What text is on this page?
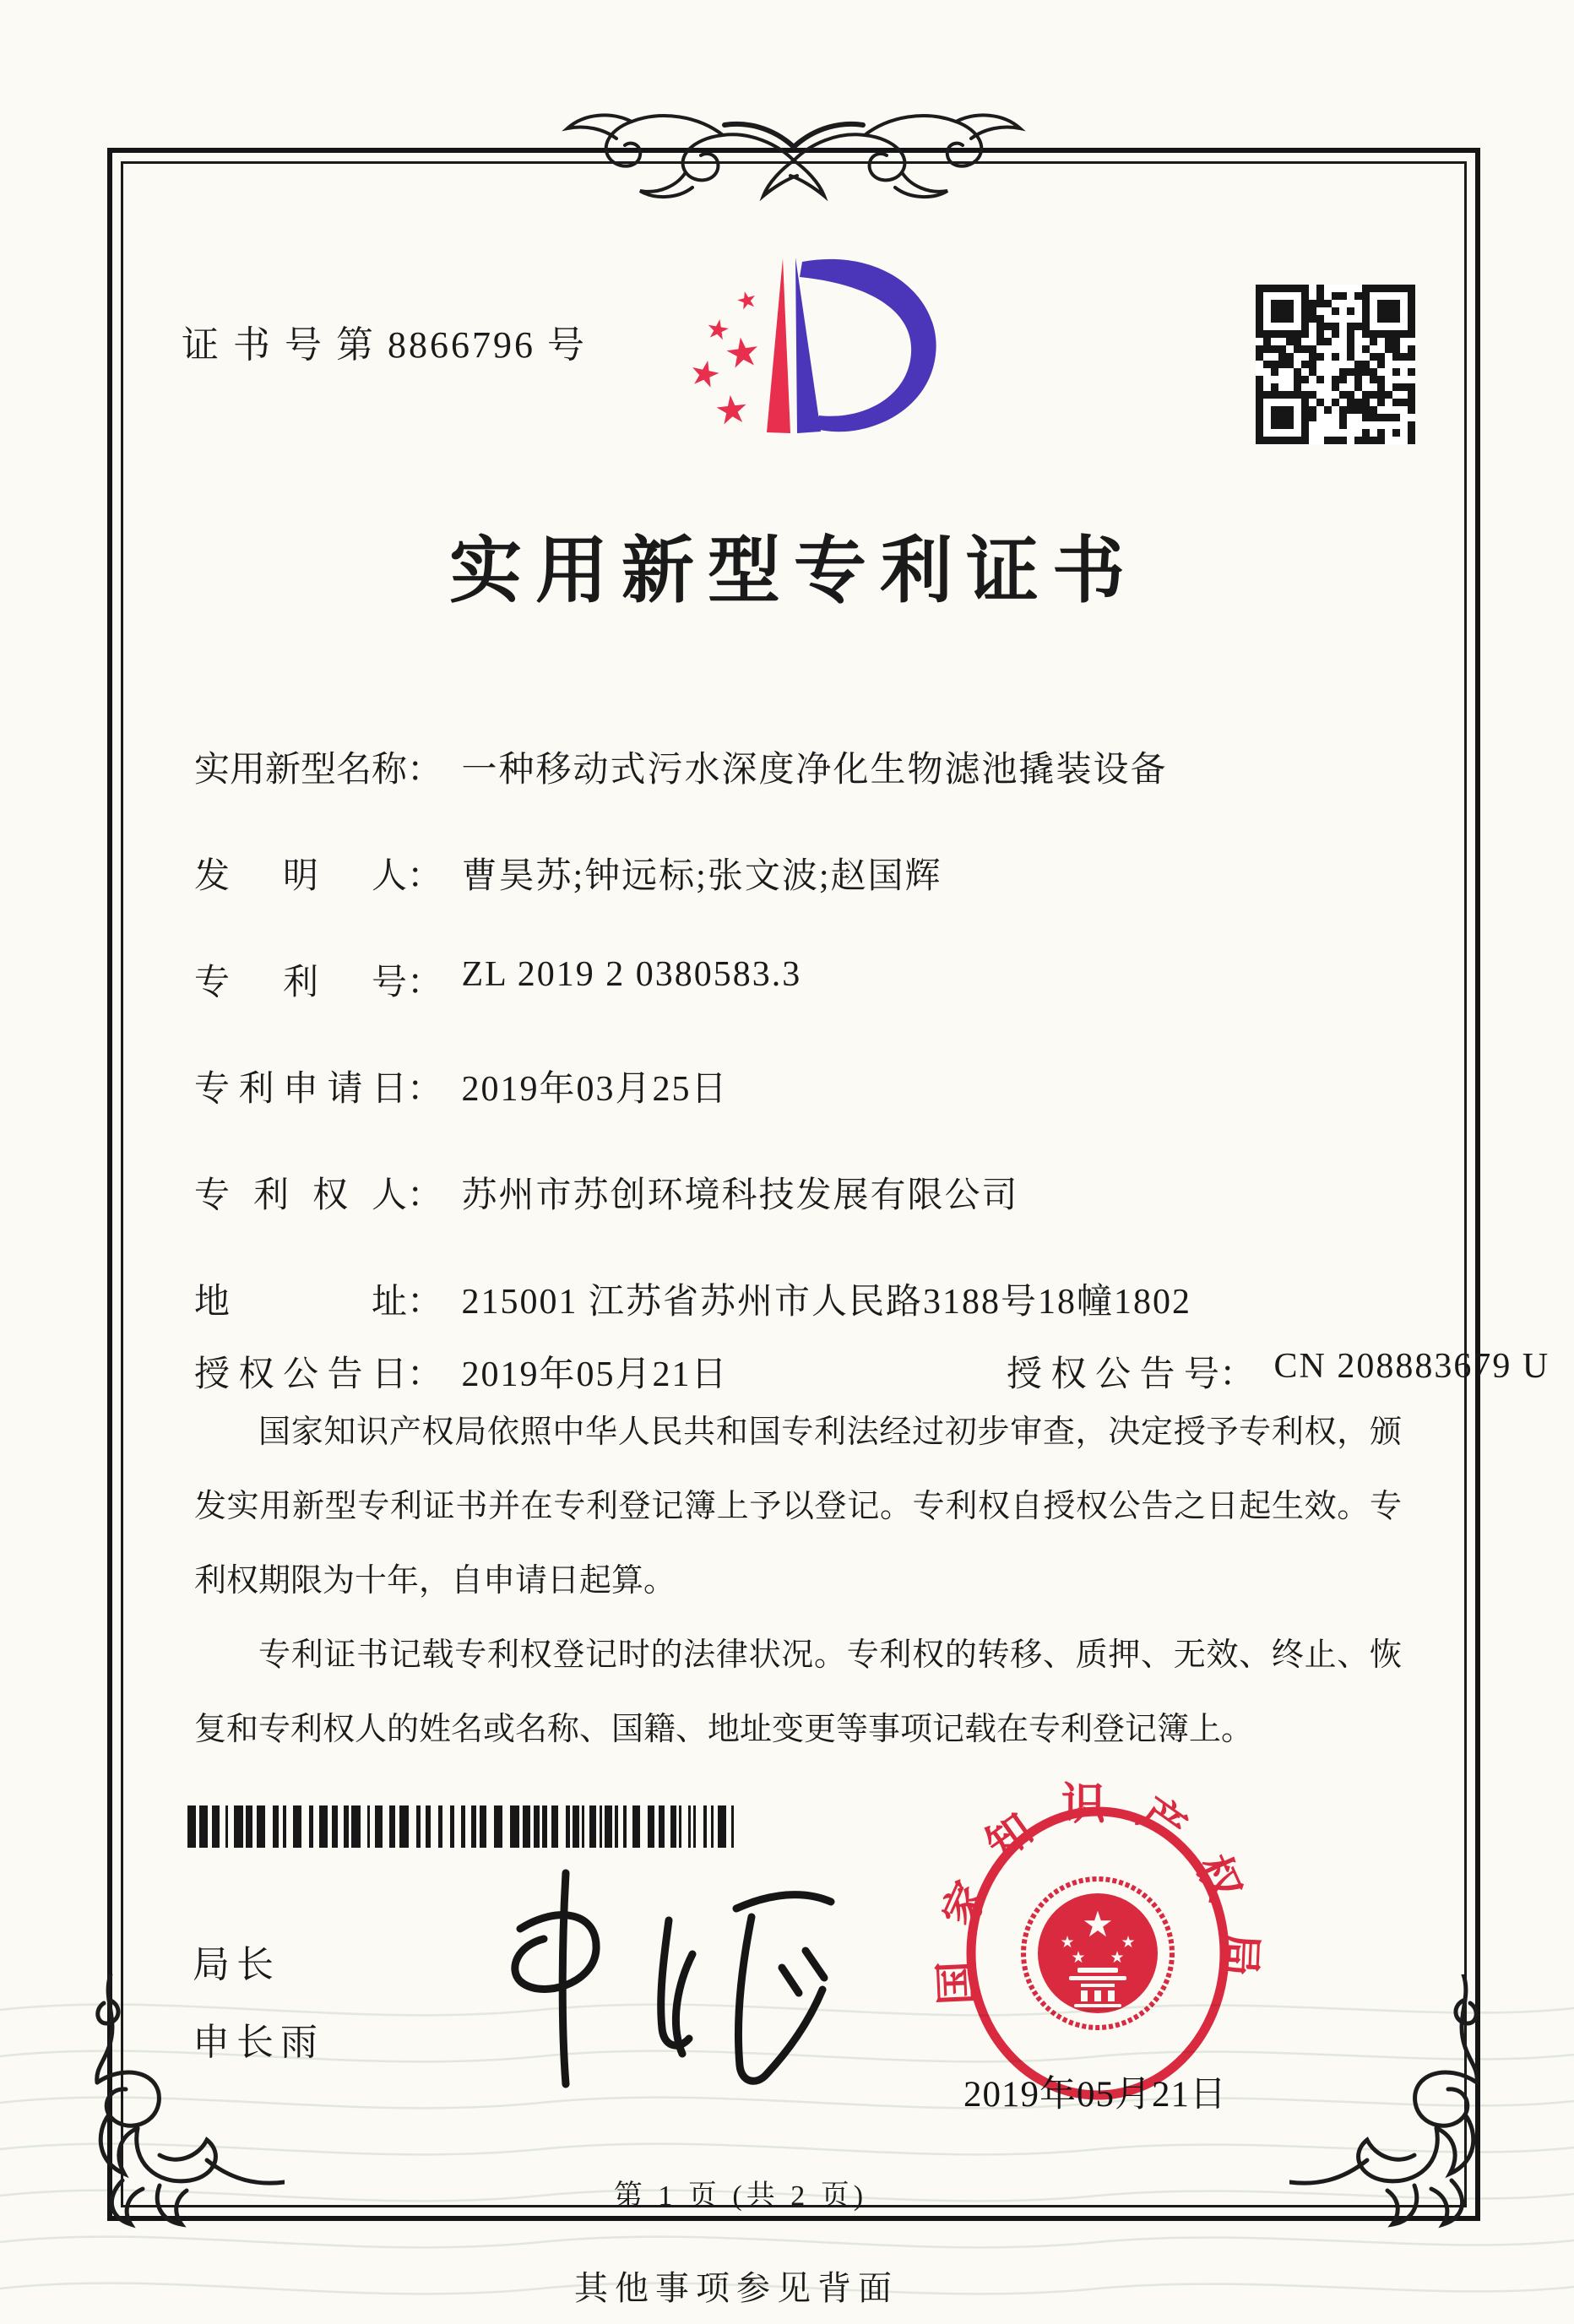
证 书 号 第 8866796 号
★
★
★
★
★
实用新型专利证书
实用新型名称： 一种移动式污水深度净化生物滤池撬装设备
发明人： 曹昊苏;钟远标;张文波;赵国辉
专利号： ZL 2019 2 0380583.3
专利申请日： 2019年03月25日
专利权人： 苏州市苏创环境科技发展有限公司
地址： 215001 江苏省苏州市人民路3188号18幢1802
授权公告日： 2019年05月21日	授权公告号： CN 208883679 U

国家知识产权局依照中华人民共和国专利法经过初步审查，决定授予专利权，颁发实用新型专利证书并在专利登记簿上予以登记。专利权自授权公告之日起生效。专利权期限为十年，自申请日起算。

专利证书记载专利权登记时的法律状况。专利权的转移、质押、无效、终止、恢复和专利权人的姓名或名称、国籍、地址变更等事项记载在专利登记簿上。

局长
申长雨
国家知识产权局
★
★	★
★ ★
2019年05月21日
第 1 页 (共 2 页)
其他事项参见背面
